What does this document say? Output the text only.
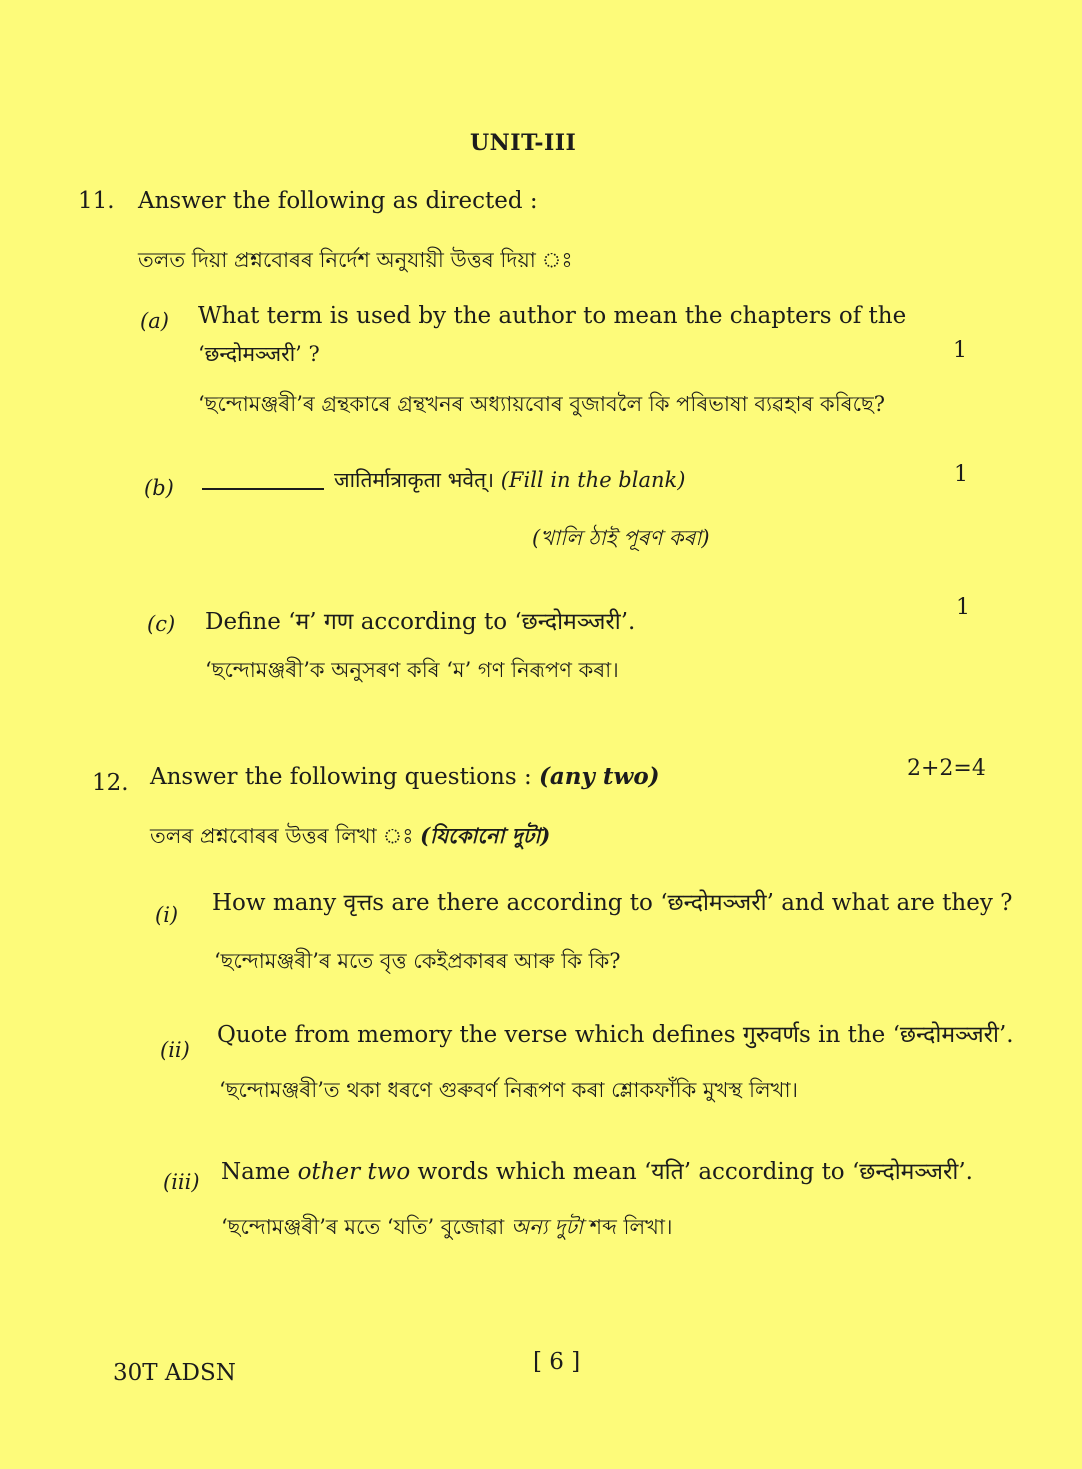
UNIT-III
11. Answer the following as directed :
তলত দিয়া প্ৰশ্নবোৰৰ নিৰ্দেশ অনুযায়ী উত্তৰ দিয়া ঃ
(a) What term is used by the author to mean the chapters of the
‘छन्दोमञ्जरी’ ?	1
‘ছন্দোমঞ্জৰী’ৰ গ্ৰন্থকাৰে গ্ৰন্থখনৰ অধ্যায়বোৰ বুজাবলৈ কি পৰিভাষা ব্যৱহাৰ কৰিছে?
(b)	जातिर्मात्राकृता भवेत्। (Fill in the blank)	1
(খালি ঠাই পূৰণ কৰা)
(c) Define ‘म’ गण according to ‘छन्दोमञ्जरी’.
1
‘ছন্দোমঞ্জৰী’ক অনুসৰণ কৰি ‘ম’ গণ নিৰূপণ কৰা।
12. Answer the following questions : (any two)	2+2=4
তলৰ প্ৰশ্নবোৰৰ উত্তৰ লিখা ঃ (যিকোনো দুটা)
(i) How many वृत्तs are there according to ‘छन्दोमञ्जरी’ and what are they ?
‘ছন্দোমঞ্জৰী’ৰ মতে বৃত্ত কেইপ্ৰকাৰৰ আৰু কি কি?
(ii)
Quote from memory the verse which defines गुरुवर्णs in the ‘छन्दोमञ्जरी’.
‘ছন্দোমঞ্জৰী’ত থকা ধৰণে গুৰুবৰ্ণ নিৰূপণ কৰা শ্লোকফাঁকি মুখস্থ লিখা।
(iii) Name other two words which mean ‘यति’ according to ‘छन्दोमञ्जरी’.
‘ছন্দোমঞ্জৰী’ৰ মতে ‘যতি’ বুজোৱা অন্য দুটা শব্দ লিখা।
30T ADSN	[ 6 ]
